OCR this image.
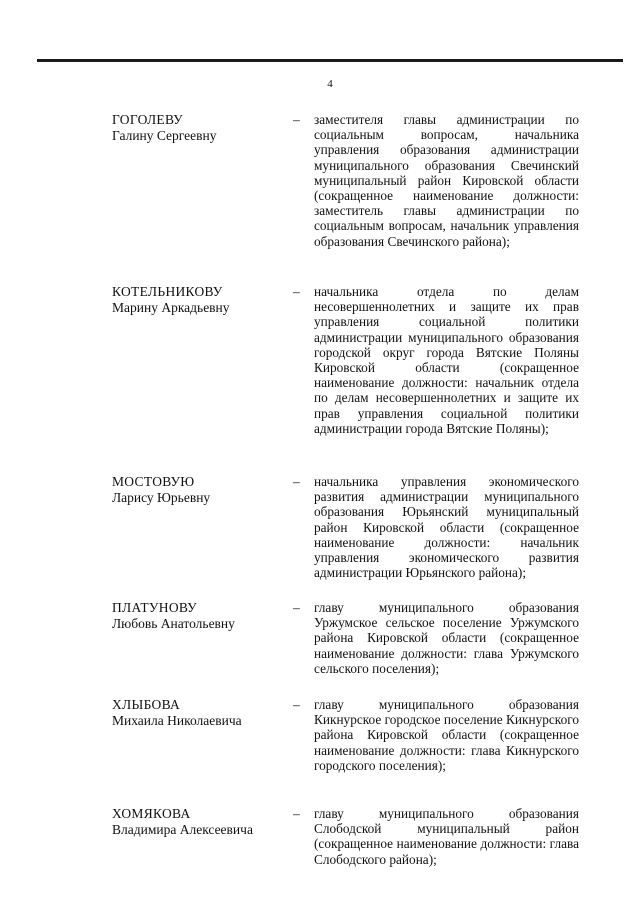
4
ГОГОЛЕВУ
Галину Сергеевну
– заместителя главы администрации по социальным вопросам, начальника управления образования администрации муниципального образования Свечинский муниципальный район Кировской области (сокращенное наименование должности: заместитель главы администрации по социальным вопросам, начальник управления образования Свечинского района);
КОТЕЛЬНИКОВУ
Марину Аркадьевну
– начальника отдела по делам несовершеннолетних и защите их прав управления социальной политики администрации муниципального образования городской округ города Вятские Поляны Кировской области (сокращенное наименование должности: начальник отдела по делам несовершеннолетних и защите их прав управления социальной политики администрации города Вятские Поляны);
МОСТОВУЮ
Ларису Юрьевну
– начальника управления экономического развития администрации муниципального образования Юрьянский муниципальный район Кировской области (сокращенное наименование должности: начальник управления экономического развития администрации Юрьянского района);
ПЛАТУНОВУ
Любовь Анатольевну
– главу муниципального образования Уржумское сельское поселение Уржумского района Кировской области (сокращенное наименование должности: глава Уржумского сельского поселения);
ХЛЫБОВА
Михаила Николаевича
– главу муниципального образования Кикнурское городское поселение Кикнурского района Кировской области (сокращенное наименование должности: глава Кикнурского городского поселения);
ХОМЯКОВА
Владимира Алексеевича
– главу муниципального образования Слободской муниципальный район (сокращенное наименование должности: глава Слободского района);
